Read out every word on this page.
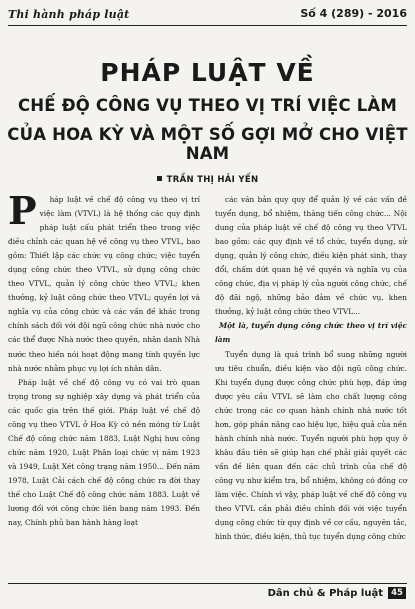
Thi hành pháp luật	Số 4 (289) - 2016
PHÁP LUẬT VỀ
CHẾ ĐỘ CÔNG VỤ THEO VỊ TRÍ VIỆC LÀM
CỦA HOA KỲ VÀ MỘT SỐ GỢI MỞ CHO VIỆT NAM
TRẦN THỊ HẢI YẾN

P háp luật về chế độ công vụ theo vị trí việc làm (VTVL) là hệ thống các quy định pháp luật cấu phát triển theo trong việc điều chỉnh các quan hệ về công vụ theo VTVL, bao gồm: Thiết lập các chức vụ công chức; việc tuyển dụng công chức theo VTVL, sử dụng công chức theo VTVL, quản lý công chức theo VTVL; khen thưởng, kỷ luật công chức theo VTVL; quyền lợi và nghĩa vụ của công chức và các vấn đề khác trong chính sách đối với đội ngũ công chức nhà nước cho các thể được Nhà nước theo quyền, nhân danh Nhà nước theo hiến nói hoạt động mang tính quyền lực nhà nước nhằm phục vụ lợi ích nhân dân.

Pháp luật về chế độ công vụ có vai trò quan trọng trong sự nghiệp xây dựng và phát triển của các quốc gia trên thế giới. Pháp luật về chế độ công vụ theo VTVL ở Hoa Kỳ có nền móng từ Luật Chế độ công chức năm 1883, Luật Nghị hưu công chức năm 1920, Luật Phân loại chức vị năm 1923 và 1949, Luật Xét công trạng năm 1950... Đến năm 1978, Luật Cải cách chế độ công chức ra đời thay thế cho Luật Chế độ công chức năm 1883. Luật về lương đối với công chức liên bang năm 1993. Đến nay, Chính phủ ban hành hàng loạt

các văn bản quy quy để quản lý về các vấn đề tuyển dụng, bổ nhiệm, thăng tiến công chức... Nội dung của pháp luật về chế độ công vụ theo VTVL bao gồm: các quy định về tổ chức, tuyển dụng, sử dụng, quản lý công chức, điều kiện phát sinh, thay đổi, chấm dứt quan hệ về quyền và nghĩa vụ của công chức, địa vị pháp lý của người công chức, chế độ đãi ngộ, những bảo đảm về chức vụ, khen thưởng, kỷ luật công chức theo VTVL...

Một là, tuyển dụng công chức theo vị trí việc làm

Tuyển dụng là quá trình bổ sung những người ưu tiêu chuẩn, điều kiện vào đội ngũ công chức. Khi tuyển dụng được công chức phù hợp, đáp ứng được yêu cầu VTVL sẽ làm cho chất lượng công chức trong các cơ quan hành chính nhà nước tốt hơn, góp phần nâng cao hiệu lực, hiệu quả của nền hành chính nhà nước. Tuyển người phù hợp quy ở khâu đầu tiên sẽ giúp hạn chế phải giải quyết các vấn đề liên quan đến các chủ trình của chế độ công vụ như kiểm tra, bổ nhiệm, không có đồng cơ làm việc. Chính vì vậy, pháp luật về chế độ công vụ theo VTVL cần phải điều chỉnh đối với việc tuyển dụng công chức từ quy định về cơ cấu, nguyên tắc, hình thức, điều kiện, thủ tục tuyển dụng công chức

Dân chủ & Pháp luật 45
